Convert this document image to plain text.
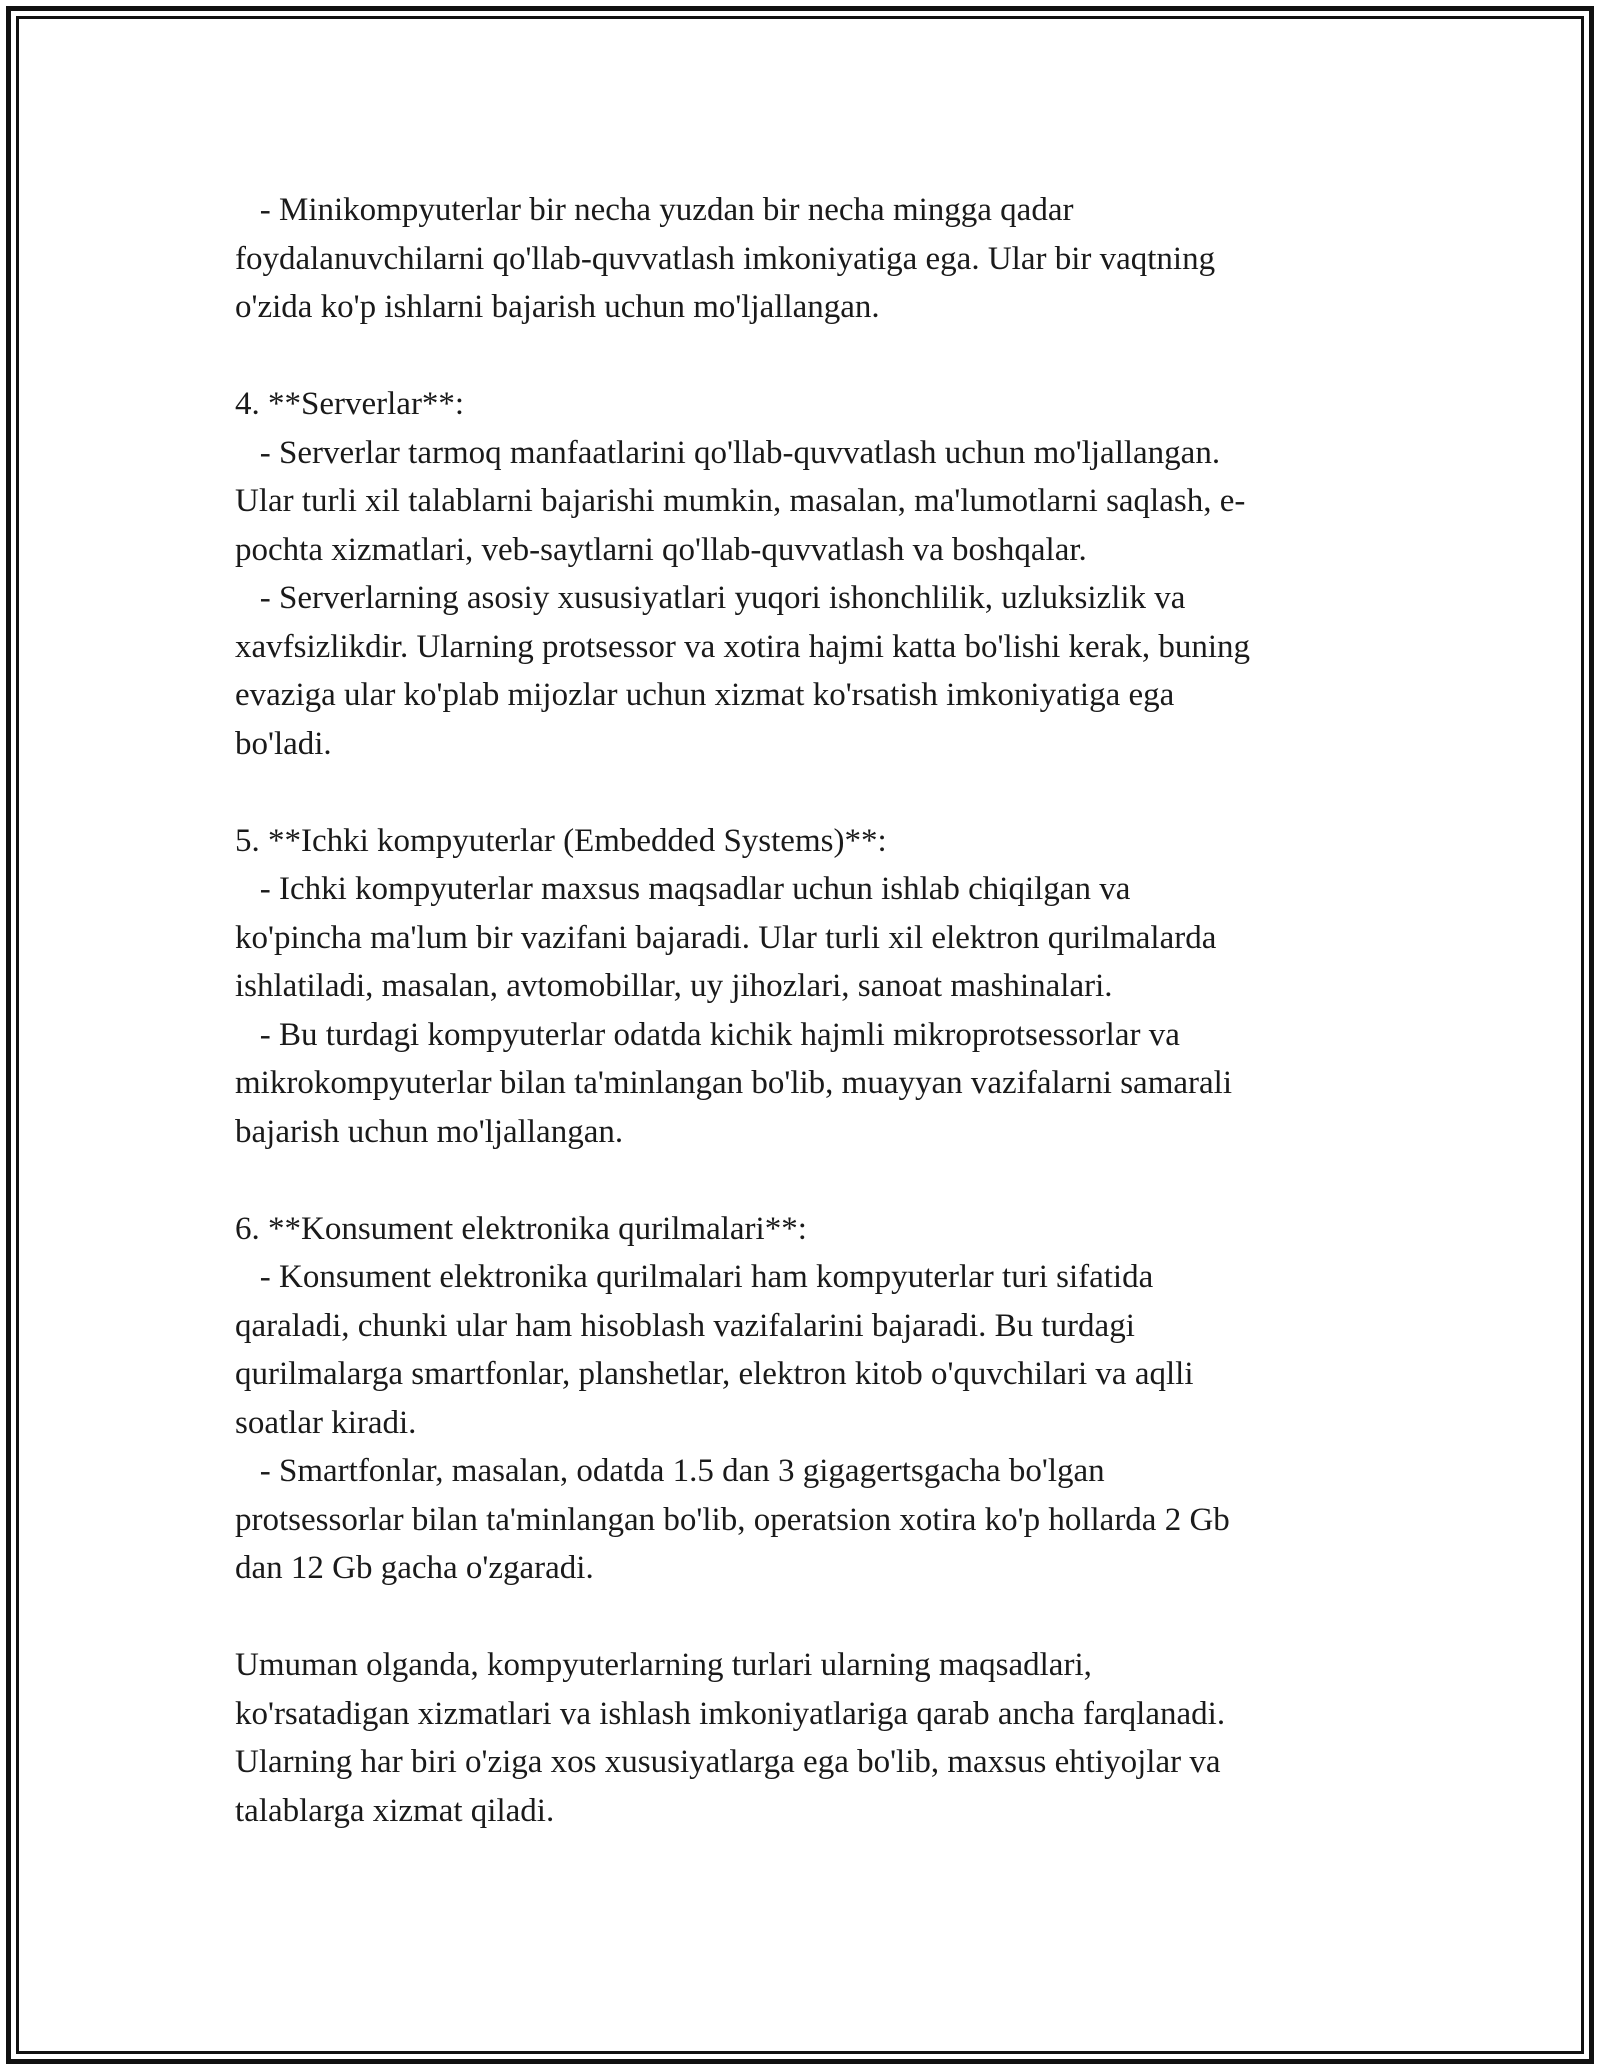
- Minikompyuterlar bir necha yuzdan bir necha mingga qadar
foydalanuvchilarni qo'llab-quvvatlash imkoniyatiga ega. Ular bir vaqtning
o'zida ko'p ishlarni bajarish uchun mo'ljallangan.
4. **Serverlar**:
- Serverlar tarmoq manfaatlarini qo'llab-quvvatlash uchun mo'ljallangan.
Ular turli xil talablarni bajarishi mumkin, masalan, ma'lumotlarni saqlash, e-
pochta xizmatlari, veb-saytlarni qo'llab-quvvatlash va boshqalar.
- Serverlarning asosiy xususiyatlari yuqori ishonchlilik, uzluksizlik va
xavfsizlikdir. Ularning protsessor va xotira hajmi katta bo'lishi kerak, buning
evaziga ular ko'plab mijozlar uchun xizmat ko'rsatish imkoniyatiga ega
bo'ladi.
5. **Ichki kompyuterlar (Embedded Systems)**:
- Ichki kompyuterlar maxsus maqsadlar uchun ishlab chiqilgan va
ko'pincha ma'lum bir vazifani bajaradi. Ular turli xil elektron qurilmalarda
ishlatiladi, masalan, avtomobillar, uy jihozlari, sanoat mashinalari.
- Bu turdagi kompyuterlar odatda kichik hajmli mikroprotsessorlar va
mikrokompyuterlar bilan ta'minlangan bo'lib, muayyan vazifalarni samarali
bajarish uchun mo'ljallangan.
6. **Konsument elektronika qurilmalari**:
- Konsument elektronika qurilmalari ham kompyuterlar turi sifatida
qaraladi, chunki ular ham hisoblash vazifalarini bajaradi. Bu turdagi
qurilmalarga smartfonlar, planshetlar, elektron kitob o'quvchilari va aqlli
soatlar kiradi.
- Smartfonlar, masalan, odatda 1.5 dan 3 gigagertsgacha bo'lgan
protsessorlar bilan ta'minlangan bo'lib, operatsion xotira ko'p hollarda 2 Gb
dan 12 Gb gacha o'zgaradi.
Umuman olganda, kompyuterlarning turlari ularning maqsadlari,
ko'rsatadigan xizmatlari va ishlash imkoniyatlariga qarab ancha farqlanadi.
Ularning har biri o'ziga xos xususiyatlarga ega bo'lib, maxsus ehtiyojlar va
talablarga xizmat qiladi.
